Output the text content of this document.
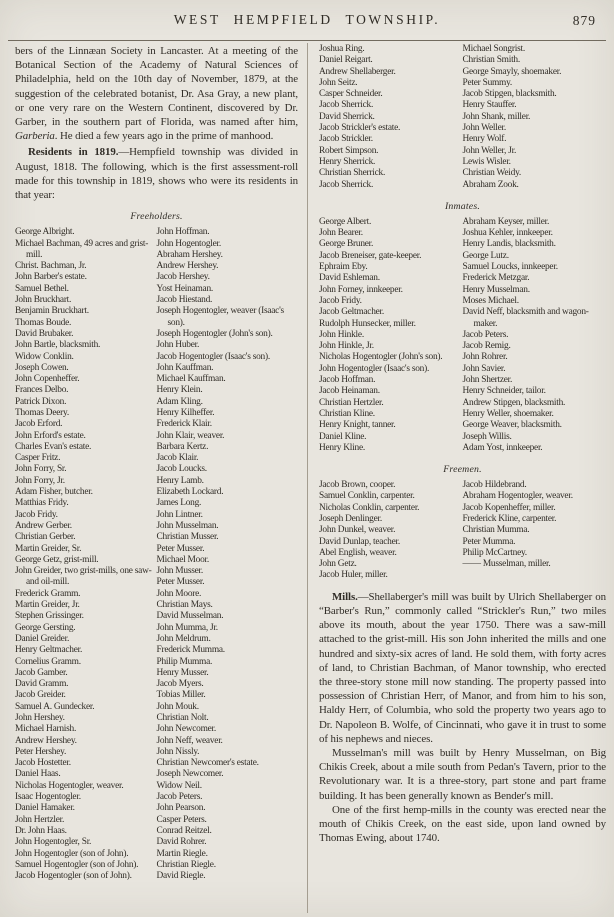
WEST HEMPFIELD TOWNSHIP.	879

bers of the Linnæan Society in Lancaster. At a meeting of the Botanical Section of the Academy of Natural Sciences of Philadelphia, held on the 10th day of November, 1879, at the suggestion of the celebrated botanist, Dr. Asa Gray, a new plant, or one very rare on the Western Continent, discovered by Dr. Garber, in the southern part of Florida, was named after him, Garberia. He died a few years ago in the prime of manhood.

Residents in 1819.—Hempfield township was divided in August, 1818. The following, which is the first assessment-roll made for this township in 1819, shows who were its residents in that year:

Freeholders.
George Albright.
Michael Bachman, 49 acres and grist-mill.
Christ. Bachman, Jr.
John Barber's estate.
Samuel Bethel.
John Bruckhart.
Benjamin Bruckhart.
Thomas Boude.
David Brubaker.
John Bartle, blacksmith.
Widow Conklin.
Joseph Cowen.
John Copenheffer.
Frances Delbo.
Patrick Dixon.
Thomas Deery.
Jacob Erford.
John Erford's estate.
Charles Evan's estate.
Casper Fritz.
John Forry, Sr.
John Forry, Jr.
Adam Fisher, butcher.
Matthias Fridy.
Jacob Fridy.
Andrew Gerber.
Christian Gerber.
Martin Greider, Sr.
George Getz, grist-mill.
John Greider, two grist-mills, one saw- and oil-mill.
Frederick Gramm.
Martin Greider, Jr.
Stephen Grissinger.
George Gersting.
Daniel Greider.
Henry Geltmacher.
Cornelius Gramm.
Jacob Gamber.
David Gramm.
Jacob Greider.
Samuel A. Gundecker.
John Hershey.
Michael Harnish.
Andrew Hershey.
Peter Hershey.
Jacob Hostetter.
Daniel Haas.
Nicholas Hogentogler, weaver.
Isaac Hogentogler.
Daniel Hamaker.
John Hertzler.
Dr. John Haas.
John Hogentogler, Sr.
John Hogentogler (son of John).
Samuel Hogentogler (son of John).
Jacob Hogentogler (son of John).
John Hoffman.
John Hogentogler.
Abraham Hershey.
Andrew Hershey.
Jacob Hershey.
Yost Heinaman.
Jacob Hiestand.
Joseph Hogentogler, weaver (Isaac's son).
Joseph Hogentogler (John's son).
John Huber.
Jacob Hogentogler (Isaac's son).
John Kauffman.
Michael Kauffman.
Henry Klein.
Adam Kling.
Henry Kilheffer.
Frederick Klair.
John Klair, weaver.
Barbara Kertz.
Jacob Klair.
Jacob Loucks.
Henry Lamb.
Elizabeth Lockard.
James Long.
John Lintner.
John Musselman.
Christian Musser.
Peter Musser.
Michael Moor.
John Musser.
Peter Musser.
John Moore.
Christian Mays.
David Musselman.
John Mumma, Jr.
John Meldrum.
Frederick Mumma.
Philip Mumma.
Henry Musser.
Jacob Myers.
Tobias Miller.
John Mouk.
Christian Nolt.
John Newcomer.
John Neff, weaver.
John Nissly.
Christian Newcomer's estate.
Joseph Newcomer.
Widow Neil.
Jacob Peters.
John Pearson.
Casper Peters.
Conrad Reitzel.
David Rohrer.
Martin Riegle.
Christian Riegle.
David Riegle.
Joshua Ring.
Daniel Reigart.
Andrew Shellaberger.
John Seitz.
Casper Schneider.
Jacob Sherrick.
David Sherrick.
Jacob Strickler's estate.
Jacob Strickler.
Robert Simpson.
Henry Sherrick.
Christian Sherrick.
Jacob Sherrick.
Michael Songrist.
Christian Smith.
George Smayly, shoemaker.
Peter Summy.
Jacob Stipgen, blacksmith.
Henry Stauffer.
John Shank, miller.
John Weller.
Henry Wolf.
John Weller, Jr.
Lewis Wisler.
Christian Weidy.
Abraham Zook.
Inmates.
George Albert.
John Bearer.
George Bruner.
Jacob Breneiser, gate-keeper.
Ephraim Eby.
David Eshleman.
John Forney, innkeeper.
Jacob Fridy.
Jacob Geltmacher.
Rudolph Hunsecker, miller.
John Hinkle.
John Hinkle, Jr.
Nicholas Hogentogler (John's son).
John Hogentogler (Isaac's son).
Jacob Hoffman.
Jacob Heinaman.
Christian Hertzler.
Christian Kline.
Henry Knight, tanner.
Daniel Kline.
Henry Kline.
Abraham Keyser, miller.
Joshua Kehler, innkeeper.
Henry Landis, blacksmith.
George Lutz.
Samuel Loucks, innkeeper.
Frederick Metzgar.
Henry Musselman.
Moses Michael.
David Neff, blacksmith and wagon-maker.
Jacob Peters.
Jacob Remig.
John Rohrer.
John Savier.
John Shertzer.
Henry Schneider, tailor.
Andrew Stipgen, blacksmith.
Henry Weller, shoemaker.
George Weaver, blacksmith.
Joseph Willis.
Adam Yost, innkeeper.
Freemen.
Jacob Brown, cooper.
Samuel Conklin, carpenter.
Nicholas Conklin, carpenter.
Joseph Denlinger.
John Dunkel, weaver.
David Dunlap, teacher.
Abel English, weaver.
John Getz.
Jacob Huler, miller.
Jacob Hildebrand.
Abraham Hogentogler, weaver.
Jacob Kopenheffer, miller.
Frederick Kline, carpenter.
Christian Mumma.
Peter Mumma.
Philip McCartney.
—— Musselman, miller.

Mills.—Shellaberger's mill was built by Ulrich Shellaberger on “Barber's Run,” commonly called “Strickler's Run,” two miles above its mouth, about the year 1750. There was a saw-mill attached to the grist-mill. His son John inherited the mills and one hundred and sixty-six acres of land. He sold them, with forty acres of land, to Christian Bachman, of Manor township, who erected the three-story stone mill now standing. The property passed into possession of Christian Herr, of Manor, and from him to his son, Haldy Herr, of Columbia, who sold the property two years ago to Dr. Napoleon B. Wolfe, of Cincinnati, who gave it in trust to some of his nephews and nieces.

Musselman's mill was built by Henry Musselman, on Big Chikis Creek, about a mile south from Pedan's Tavern, prior to the Revolutionary war. It is a three-story, part stone and part frame building. It has been generally known as Bender's mill.

One of the first hemp-mills in the county was erected near the mouth of Chikis Creek, on the east side, upon land owned by Thomas Ewing, about 1740.
